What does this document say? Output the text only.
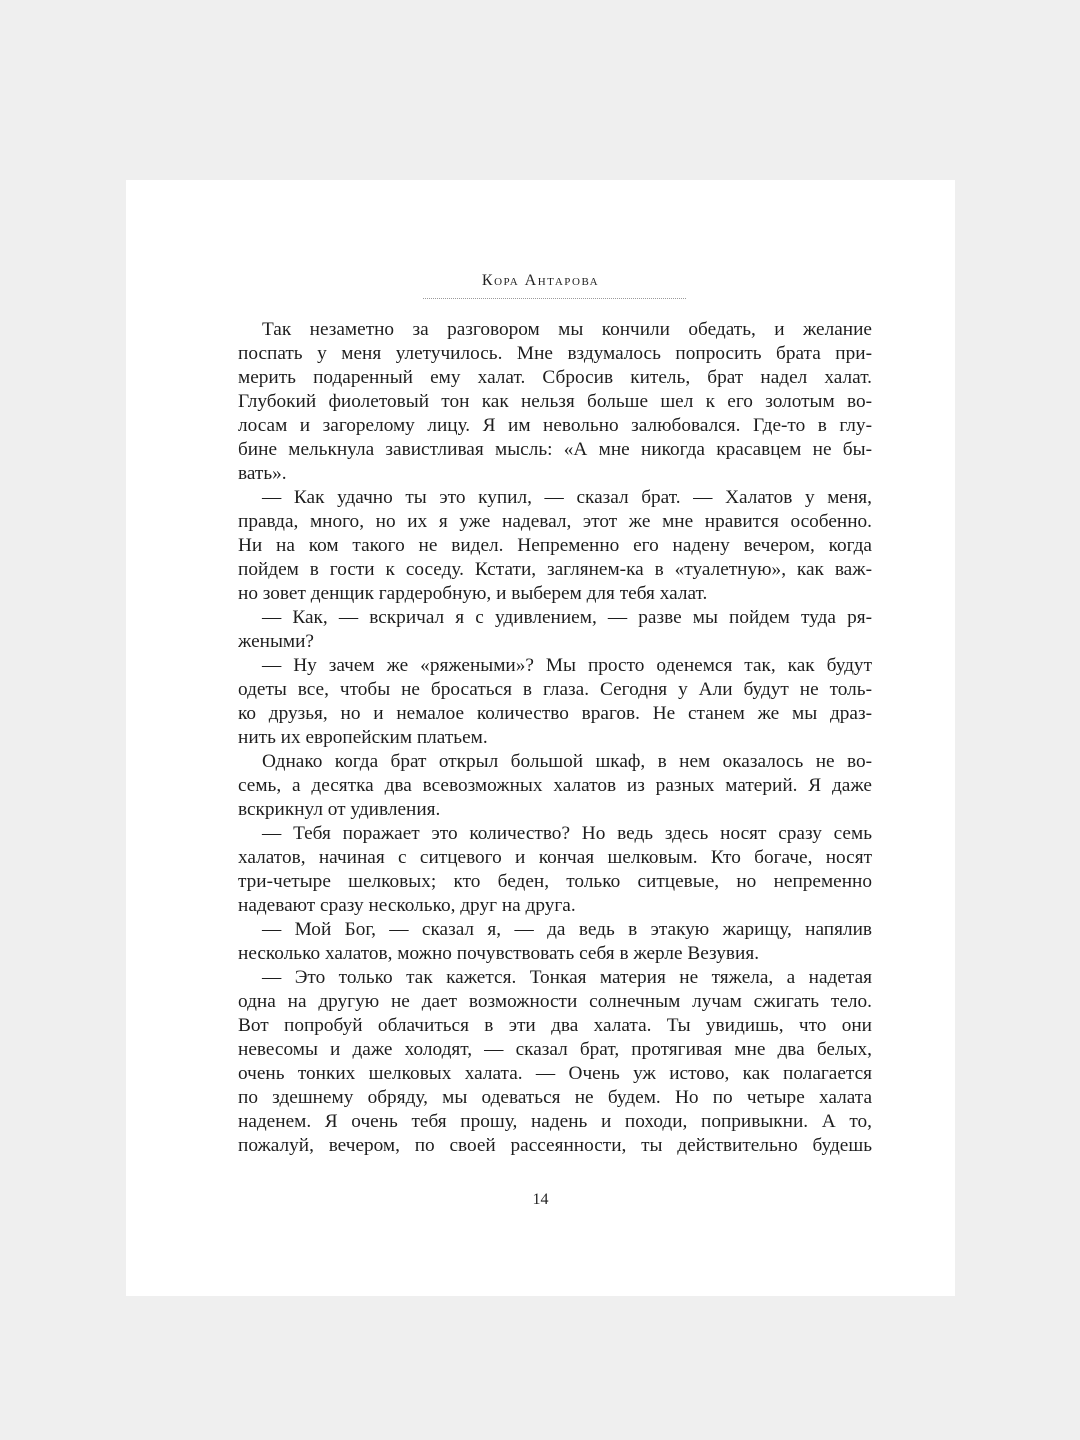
Кора Антарова
Так незаметно за разговором мы кончили обедать, и желание
поспать у меня улетучилось. Мне вздумалось попросить брата при-
мерить подаренный ему халат. Сбросив китель, брат надел халат.
Глубокий фиолетовый тон как нельзя больше шел к его золотым во-
лосам и загорелому лицу. Я им невольно залюбовался. Где-то в глу-
бине мелькнула завистливая мысль: «А мне никогда красавцем не бы-
вать».
— Как удачно ты это купил, — сказал брат. — Халатов у меня,
правда, много, но их я уже надевал, этот же мне нравится особенно.
Ни на ком такого не видел. Непременно его надену вечером, когда
пойдем в гости к соседу. Кстати, заглянем-ка в «туалетную», как важ-
но зовет денщик гардеробную, и выберем для тебя халат.
— Как, — вскричал я с удивлением, — разве мы пойдем туда ря-
жеными?
— Ну зачем же «ряжеными»? Мы просто оденемся так, как будут
одеты все, чтобы не бросаться в глаза. Сегодня у Али будут не толь-
ко друзья, но и немалое количество врагов. Не станем же мы драз-
нить их европейским платьем.
Однако когда брат открыл большой шкаф, в нем оказалось не во-
семь, а десятка два всевозможных халатов из разных материй. Я даже
вскрикнул от удивления.
— Тебя поражает это количество? Но ведь здесь носят сразу семь
халатов, начиная с ситцевого и кончая шелковым. Кто богаче, носят
три-четыре шелковых; кто беден, только ситцевые, но непременно
надевают сразу несколько, друг на друга.
— Мой Бог, — сказал я, — да ведь в этакую жарищу, напялив
несколько халатов, можно почувствовать себя в жерле Везувия.
— Это только так кажется. Тонкая материя не тяжела, а надетая
одна на другую не дает возможности солнечным лучам сжигать тело.
Вот попробуй облачиться в эти два халата. Ты увидишь, что они
невесомы и даже холодят, — сказал брат, протягивая мне два белых,
очень тонких шелковых халата. — Очень уж истово, как полагается
по здешнему обряду, мы одеваться не будем. Но по четыре халата
наденем. Я очень тебя прошу, надень и походи, попривыкни. А то,
пожалуй, вечером, по своей рассеянности, ты действительно будешь
14
